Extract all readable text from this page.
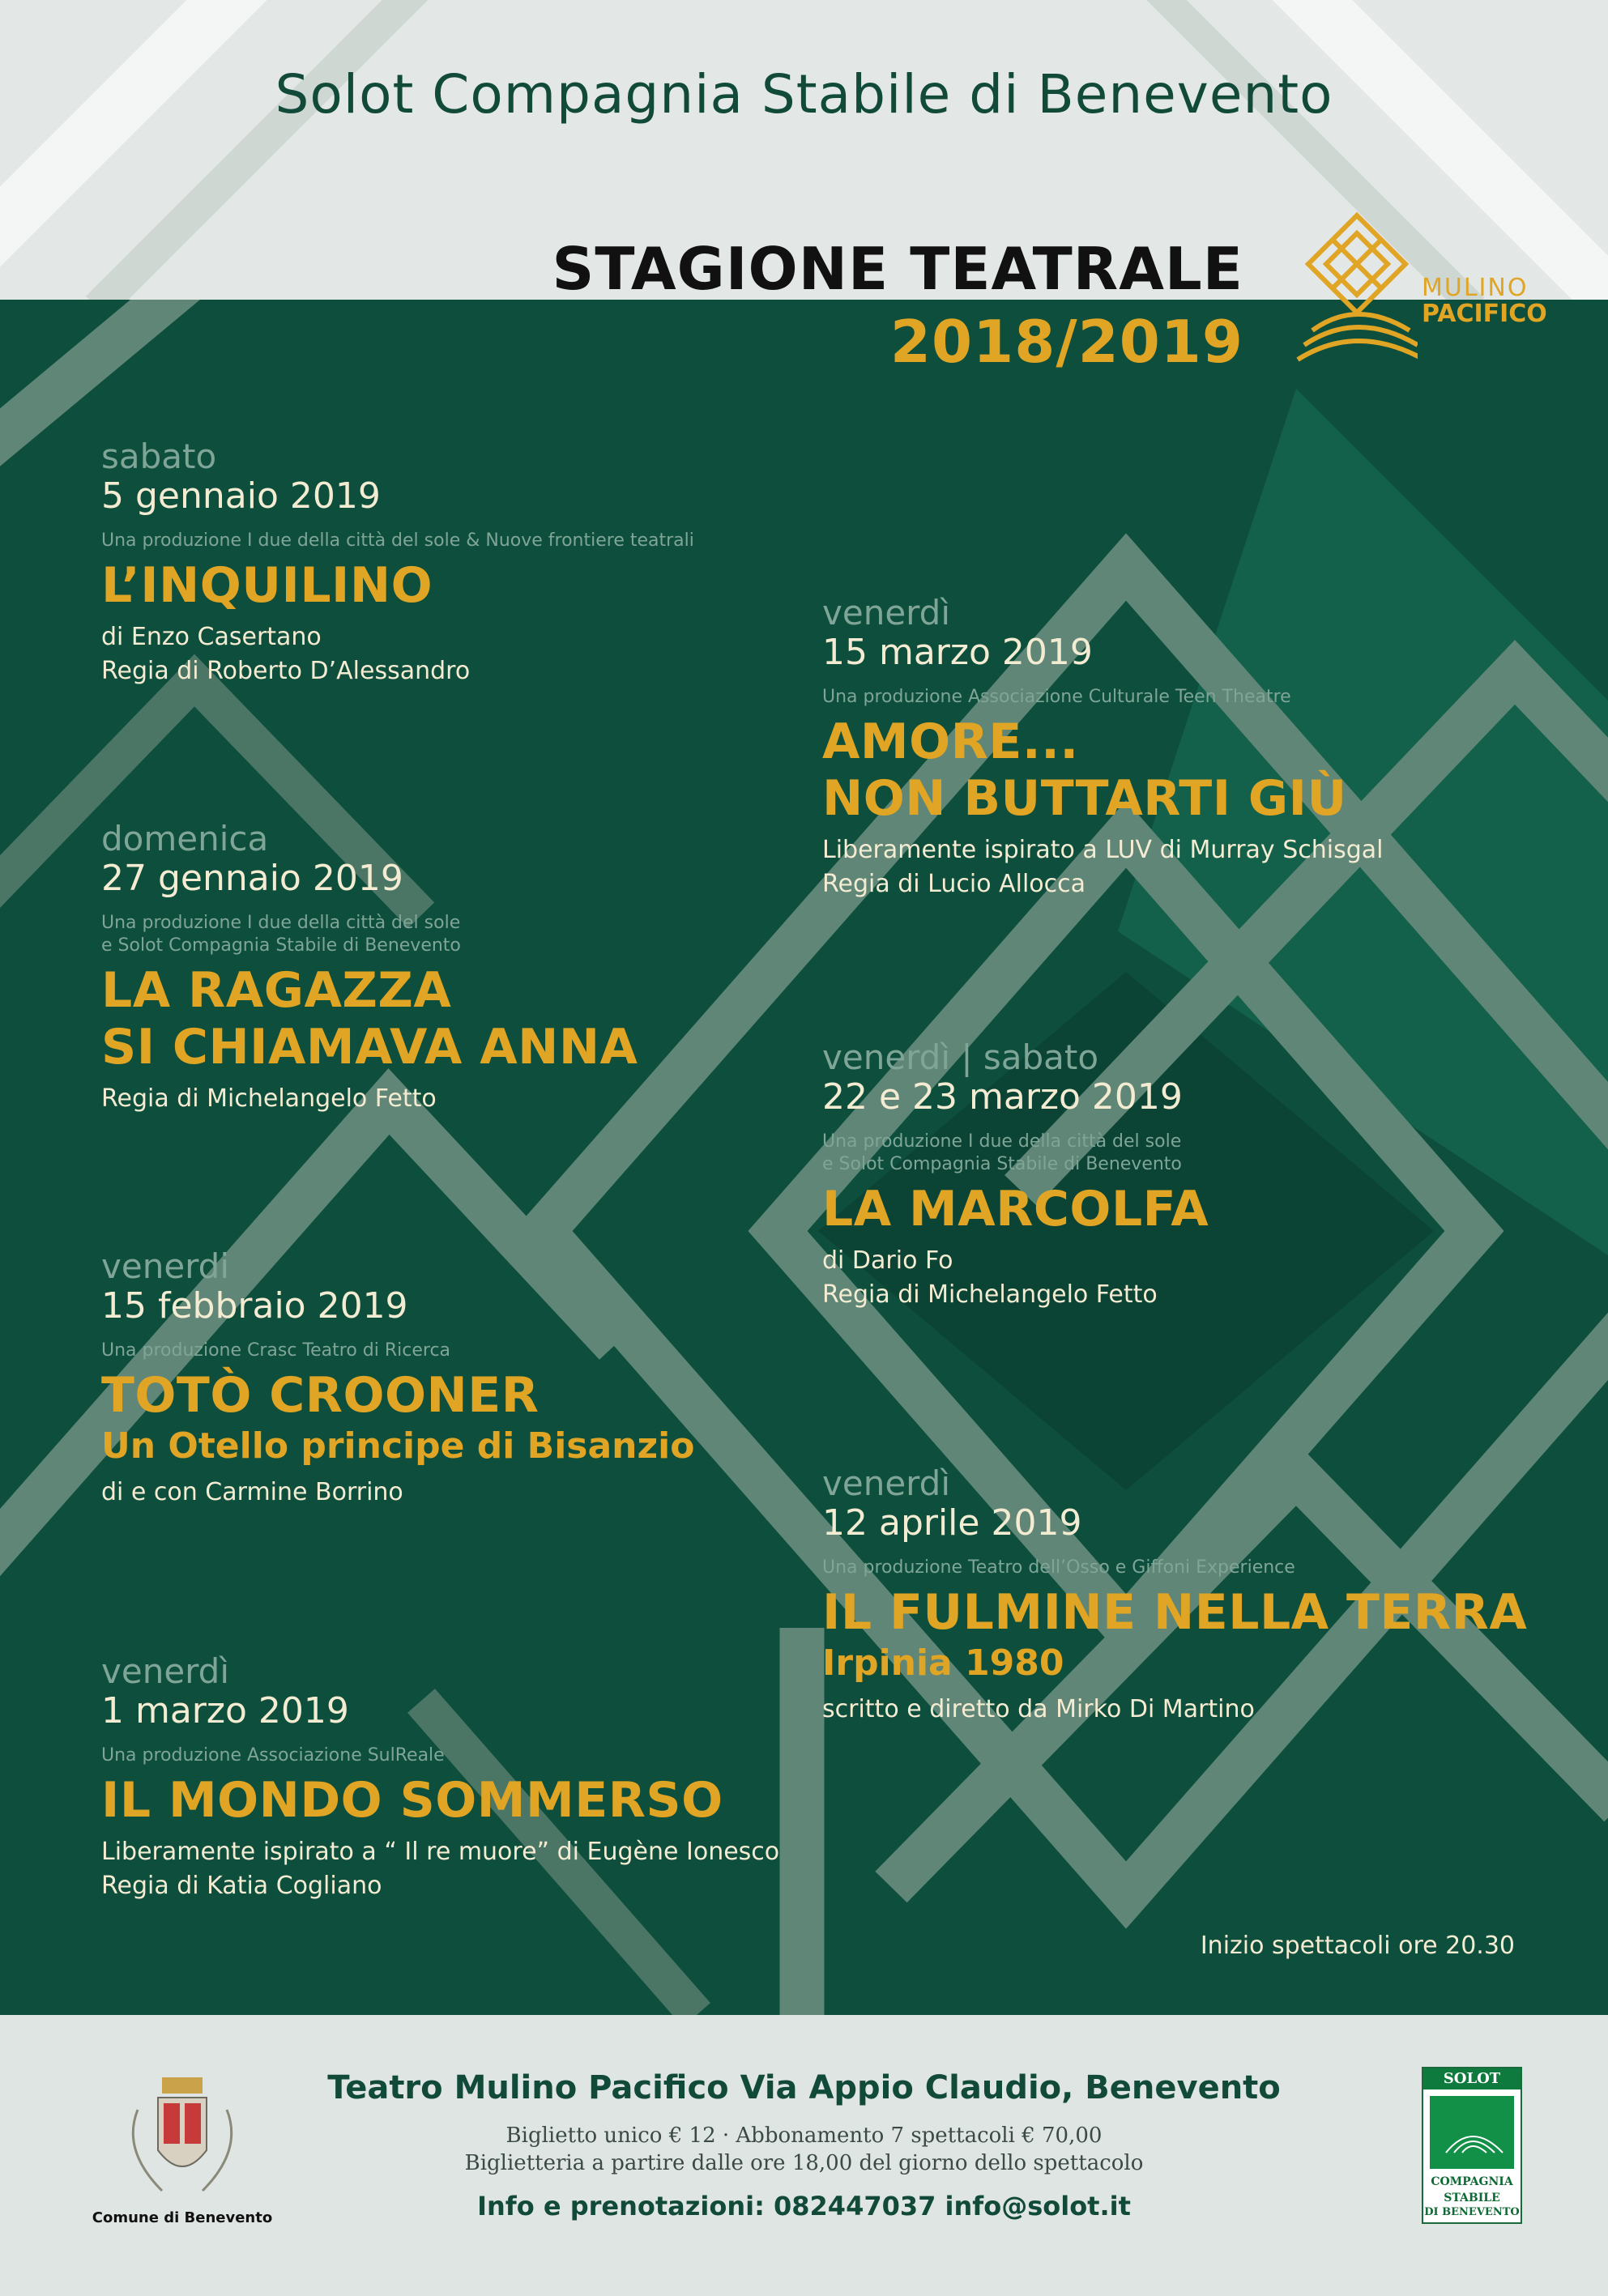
Solot Compagnia Stabile di Benevento
STAGIONE TEATRALE
2018/2019
MULINO
PACIFICO
sabato
5 gennaio 2019
Una produzione I due della città del sole & Nuove frontiere teatrali
L’INQUILINO
di Enzo Casertano
Regia di Roberto D’Alessandro
domenica
27 gennaio 2019
Una produzione I due della città del sole
e Solot Compagnia Stabile di Benevento
LA RAGAZZA
SI CHIAMAVA ANNA
Regia di Michelangelo Fetto
venerdi
15 febbraio 2019
Una produzione Crasc Teatro di Ricerca
TOTÒ CROONER
Un Otello principe di Bisanzio
di e con Carmine Borrino
venerdì
1 marzo 2019
Una produzione Associazione SulReale
IL MONDO SOMMERSO
Liberamente ispirato a “ Il re muore” di Eugène Ionesco
Regia di Katia Cogliano
venerdì
15 marzo 2019
Una produzione Associazione Culturale Teen Theatre
AMORE...
NON BUTTARTI GIÙ
Liberamente ispirato a LUV di Murray Schisgal
Regia di Lucio Allocca
venerdì | sabato
22 e 23 marzo 2019
Una produzione I due della città del sole
e Solot Compagnia Stabile di Benevento
LA MARCOLFA
di Dario Fo
Regia di Michelangelo Fetto
venerdì
12 aprile 2019
Una produzione Teatro dell’Osso e Giffoni Experience
IL FULMINE NELLA TERRA
Irpinia 1980
scritto e diretto da Mirko Di Martino
Inizio spettacoli ore 20.30
Comune di Benevento
Teatro Mulino Pacifico Via Appio Claudio, Benevento
Biglietto unico € 12 · Abbonamento 7 spettacoli € 70,00
Biglietteria a partire dalle ore 18,00 del giorno dello spettacolo
Info e prenotazioni: 082447037 info@solot.it
SOLOT
COMPAGNIA
STABILE
DI BENEVENTO
